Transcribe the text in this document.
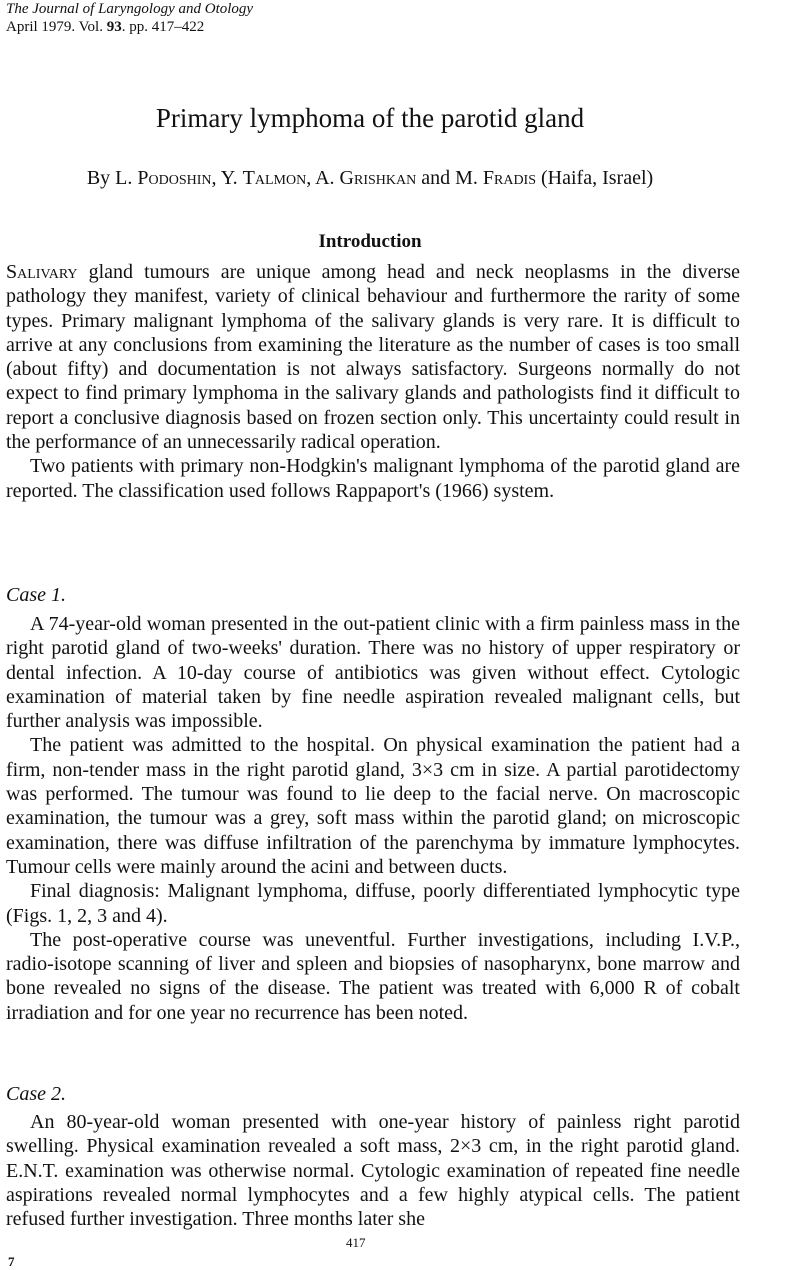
The Journal of Laryngology and Otology
April 1979. Vol. 93. pp. 417–422
Primary lymphoma of the parotid gland
By L. Podoshin, Y. Talmon, A. Grishkan and M. Fradis (Haifa, Israel)
Introduction

Salivary gland tumours are unique among head and neck neoplasms in the diverse pathology they manifest, variety of clinical behaviour and furthermore the rarity of some types. Primary malignant lymphoma of the salivary glands is very rare. It is difficult to arrive at any conclusions from examining the literature as the number of cases is too small (about fifty) and documentation is not always satisfactory. Surgeons normally do not expect to find primary lymphoma in the salivary glands and pathologists find it difficult to report a conclusive diagnosis based on frozen section only. This uncertainty could result in the performance of an unnecessarily radical operation.

Two patients with primary non-Hodgkin's malignant lymphoma of the parotid gland are reported. The classification used follows Rappaport's (1966) system.

Case 1.

A 74-year-old woman presented in the out-patient clinic with a firm painless mass in the right parotid gland of two-weeks' duration. There was no history of upper respiratory or dental infection. A 10-day course of antibiotics was given without effect. Cytologic examination of material taken by fine needle aspiration revealed malignant cells, but further analysis was impossible.

The patient was admitted to the hospital. On physical examination the patient had a firm, non-tender mass in the right parotid gland, 3×3 cm in size. A partial parotidectomy was performed. The tumour was found to lie deep to the facial nerve. On macroscopic examination, the tumour was a grey, soft mass within the parotid gland; on microscopic examination, there was diffuse infiltration of the parenchyma by immature lymphocytes. Tumour cells were mainly around the acini and between ducts.

Final diagnosis: Malignant lymphoma, diffuse, poorly differentiated lymphocytic type (Figs. 1, 2, 3 and 4).

The post-operative course was uneventful. Further investigations, including I.V.P., radio-isotope scanning of liver and spleen and biopsies of nasopharynx, bone marrow and bone revealed no signs of the disease. The patient was treated with 6,000 R of cobalt irradiation and for one year no recurrence has been noted.

Case 2.

An 80-year-old woman presented with one-year history of painless right parotid swelling. Physical examination revealed a soft mass, 2×3 cm, in the right parotid gland. E.N.T. examination was otherwise normal. Cytologic examination of repeated fine needle aspirations revealed normal lymphocytes and a few highly atypical cells. The patient refused further investigation. Three months later she

417
7
